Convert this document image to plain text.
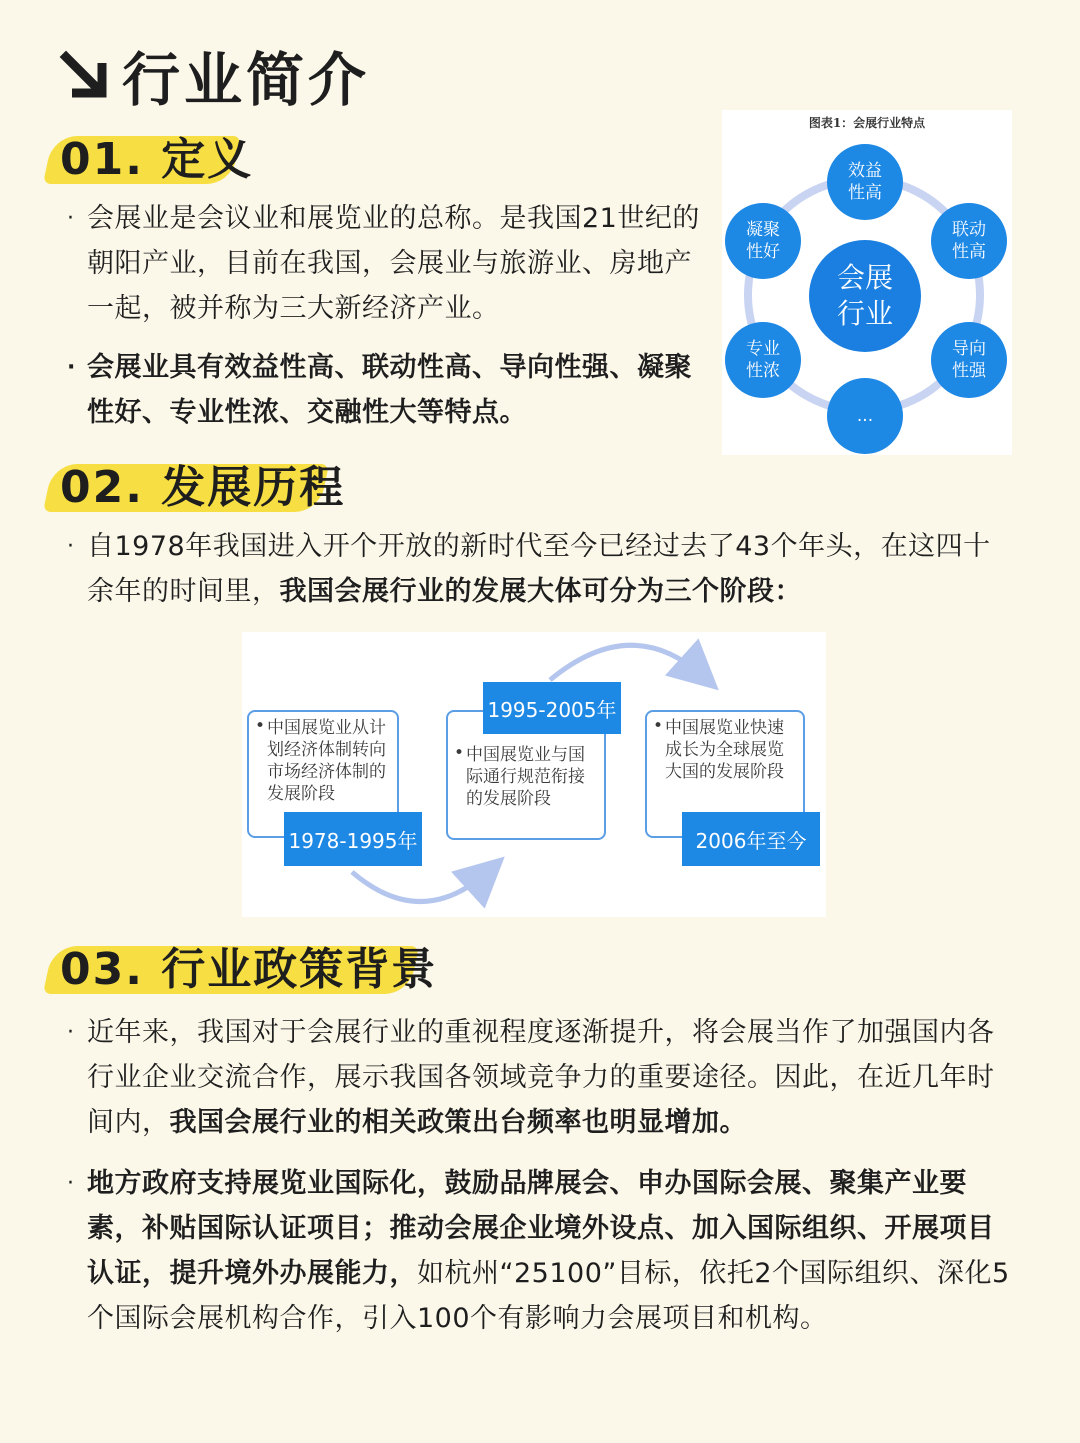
行业简介
01. 定义
· 会展业是会议业和展览业的总称。是我国21世纪的朝阳产业，目前在我国，会展业与旅游业、房地产一起，被并称为三大新经济产业。
· 会展业具有效益性高、联动性高、导向性强、凝聚性好、专业性浓、交融性大等特点。
图表1：会展行业特点
会展行业
效益性高
联动性高
导向性强
...
专业性浓
凝聚性好
02. 发展历程
· 自1978年我国进入开个开放的新时代至今已经过去了43个年头，在这四十余年的时间里，我国会展行业的发展大体可分为三个阶段：
中国展览业从计划经济体制转向市场经济体制的发展阶段
•
1978-1995年
中国展览业与国际通行规范衔接的发展阶段
•
1995-2005年
中国展览业快速成长为全球展览大国的发展阶段
•
2006年至今
03. 行业政策背景
· 近年来，我国对于会展行业的重视程度逐渐提升，将会展当作了加强国内各行业企业交流合作，展示我国各领域竞争力的重要途径。因此，在近几年时间内，我国会展行业的相关政策出台频率也明显增加。
· 地方政府支持展览业国际化，鼓励品牌展会、申办国际会展、聚集产业要素，补贴国际认证项目；推动会展企业境外设点、加入国际组织、开展项目认证，提升境外办展能力，如杭州“25100”目标，依托2个国际组织、深化5个国际会展机构合作，引入100个有影响力会展项目和机构。
